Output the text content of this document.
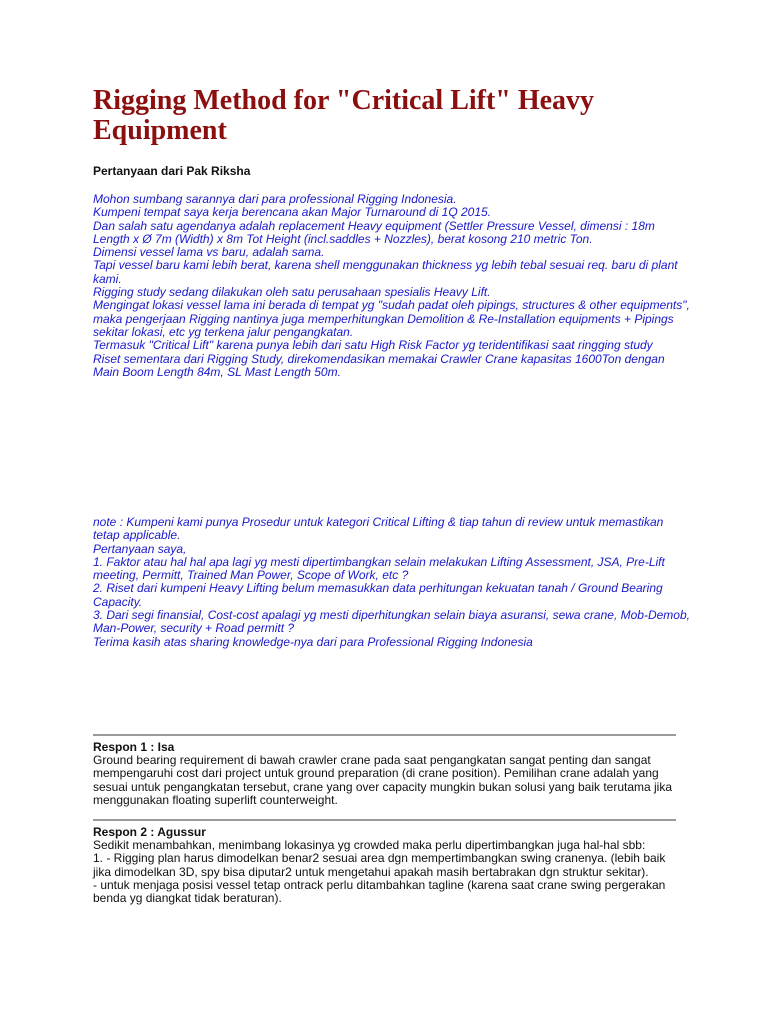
Rigging Method for "Critical Lift" Heavy Equipment
Pertanyaan dari Pak Riksha

Mohon sumbang sarannya dari para professional Rigging Indonesia.

Kumpeni tempat saya kerja berencana akan Major Turnaround di 1Q 2015.

Dan salah satu agendanya adalah replacement Heavy equipment (Settler Pressure Vessel, dimensi : 18m Length x Ø 7m (Width) x 8m Tot Height (incl.saddles + Nozzles), berat kosong 210 metric Ton.

Dimensi vessel lama vs baru, adalah sama.

Tapi vessel baru kami lebih berat, karena shell menggunakan thickness yg lebih tebal sesuai req. baru di plant kami.

Rigging study sedang dilakukan oleh satu perusahaan spesialis Heavy Lift.

Mengingat lokasi vessel lama ini berada di tempat yg "sudah padat oleh pipings, structures & other equipments", maka pengerjaan Rigging nantinya juga memperhitungkan Demolition & Re-Installation equipments + Pipings sekitar lokasi, etc yg terkena jalur pengangkatan.

Termasuk "Critical Lift" karena punya lebih dari satu High Risk Factor yg teridentifikasi saat ringging study

Riset sementara dari Rigging Study, direkomendasikan memakai Crawler Crane kapasitas 1600Ton dengan Main Boom Length 84m, SL Mast Length 50m.

note : Kumpeni kami punya Prosedur untuk kategori Critical Lifting & tiap tahun di review untuk memastikan tetap applicable.

Pertanyaan saya,

1. Faktor atau hal hal apa lagi yg mesti dipertimbangkan selain melakukan Lifting Assessment, JSA, Pre-Lift meeting, Permitt, Trained Man Power, Scope of Work, etc ?

2. Riset dari kumpeni Heavy Lifting belum memasukkan data perhitungan kekuatan tanah / Ground Bearing Capacity.

3. Dari segi finansial, Cost-cost apalagi yg mesti diperhitungkan selain biaya asuransi, sewa crane, Mob-Demob, Man-Power, security + Road permitt ?

Terima kasih atas sharing knowledge-nya dari para Professional Rigging Indonesia

Respon 1 : Isa

Ground bearing requirement di bawah crawler crane pada saat pengangkatan sangat penting dan sangat mempengaruhi cost dari project untuk ground preparation (di crane position). Pemilihan crane adalah yang sesuai untuk pengangkatan tersebut, crane yang over capacity mungkin bukan solusi yang baik terutama jika menggunakan floating superlift counterweight.

Respon 2 : Agussur

Sedikit menambahkan, menimbang lokasinya yg crowded maka perlu dipertimbangkan juga hal-hal sbb:

1. - Rigging plan harus dimodelkan benar2 sesuai area dgn mempertimbangkan swing cranenya. (lebih baik jika dimodelkan 3D, spy bisa diputar2 untuk mengetahui apakah masih bertabrakan dgn struktur sekitar).

- untuk menjaga posisi vessel tetap ontrack perlu ditambahkan tagline (karena saat crane swing pergerakan benda yg diangkat tidak beraturan).
